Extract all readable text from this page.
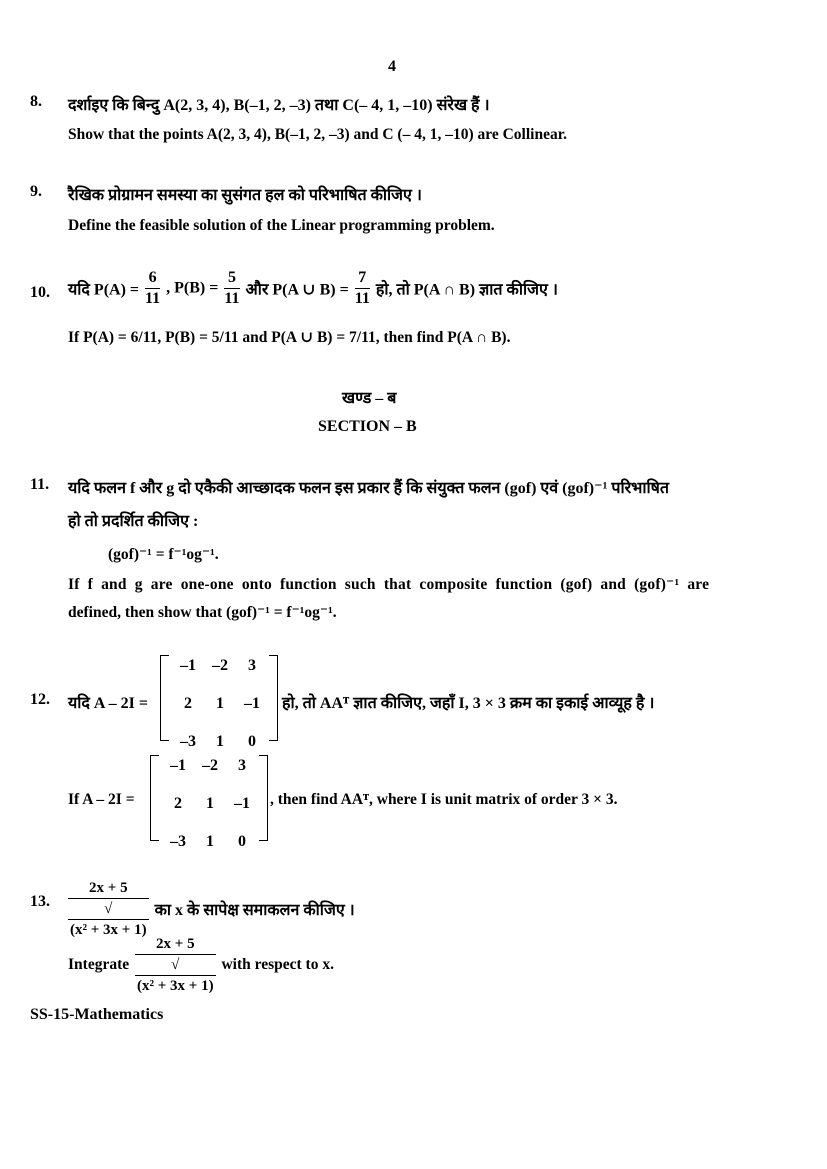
4
8. दर्शाइए कि बिन्दु A(2, 3, 4), B(–1, 2, –3) तथा C(– 4, 1, –10) संरेख हैं ।
Show that the points A(2, 3, 4), B(–1, 2, –3) and C (– 4, 1, –10) are Collinear.
9. रैखिक प्रोग्रामन समस्या का सुसंगत हल को परिभाषित कीजिए ।
Define the feasible solution of the Linear programming problem.
10. यदि $P(A) = \frac{6}{11}$ , $P(B) = \frac{5}{11}$ और P(A ∪ $B) = \frac{7}{11}$ हो, तो P(A ∩ B) ज्ञात कीजिए ।
If P(A) = 6/11, P(B) = 5/11 and P(A ∪ B) = 7/11, then find P(A ∩ B).
खण्ड – ब
SECTION – B
11. यदि फलन f और g दो एकैकी आच्छादक फलन इस प्रकार हैं कि संयुक्त फलन (gof) एवं (gof)⁻¹ परिभाषित
हो तो प्रदर्शित कीजिए :
(gof)⁻¹ = f⁻¹og⁻¹.
If f and g are one-one onto function such that composite function (gof) and (gof)⁻¹ are
defined, then show that (gof)⁻¹ = f⁻¹og⁻¹.
12. यदि A – 2I =
–1	–2	3
2	1	–1
–3	1	0
हो, तो AAᵀ ज्ञात कीजिए, जहाँ I, 3 × 3 क्रम का इकाई आव्यूह है ।
If A – 2I =
–1	–2	3
2	1	–1
–3	1	0
, then find AAᵀ, where I is unit matrix of order 3 × 3.
13. 2x + 5
√
(x² + 3x + 1) का x के सापेक्ष समाकलन कीजिए ।
Integrate 2x + 5
√
(x² + 3x + 1) with respect to x.
SS-15-Mathematics
